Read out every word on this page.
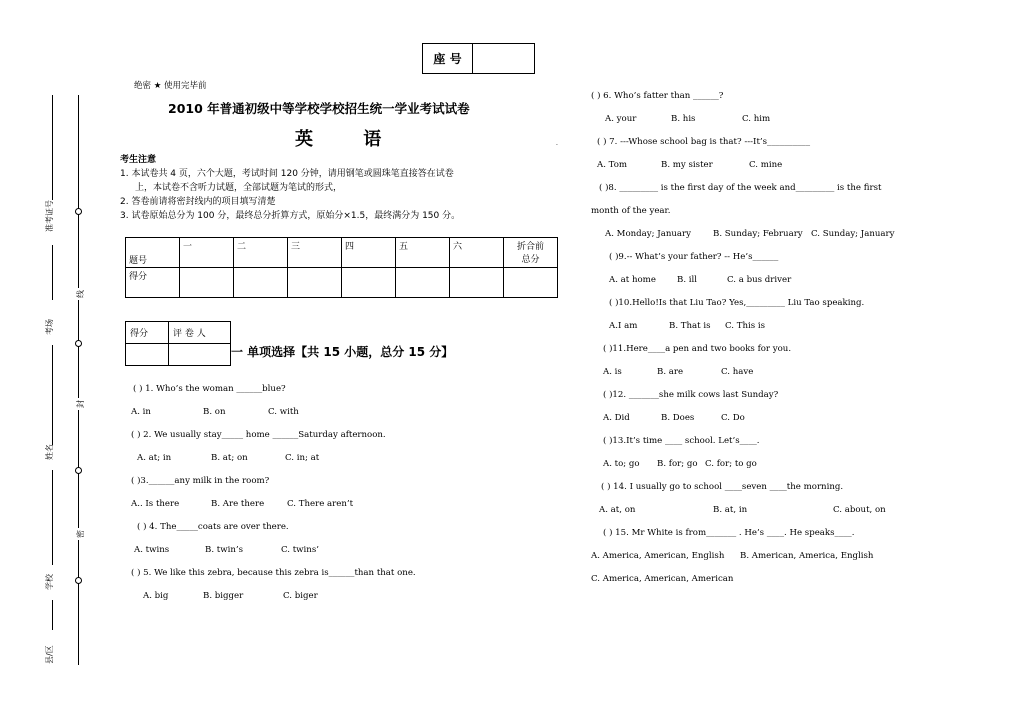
线
封
密
准考证号
考场
姓名
学校
县/区
座 号
绝密 ★ 使用完毕前
2010 年普通初级中等学校学校招生统一学业考试试卷
英 语	.
考生注意
1. 本试卷共 4 页，六个大题，考试时间 120 分钟，请用钢笔或圆珠笔直接答在试卷
上，本试卷不含听力试题，全部试题为笔试的形式，
2. 答卷前请将密封线内的项目填写清楚
3. 试卷原始总分为 100 分，最终总分折算方式，原始分×1.5，最终满分为 150 分。
题号	一	二	三	四	五	六	折合前总分
得分							
得分	评 卷 人

一 单项选择【共 15 小题，总分 15 分】
( ) 1. Who’s the woman ______blue?
A. in	B. on	C. with
( ) 2. We usually stay_____ home ______Saturday afternoon.
A. at; in	B. at; on	C. in; at
( )3.______any milk in the room?
A.. Is there	B. Are there	C. There aren’t
( ) 4. The_____coats are over there.
A. twins	B. twin’s	C. twins’
( ) 5. We like this zebra, because this zebra is______than that one.
A. big	B. bigger	C. biger
( ) 6. Who’s fatter than ______?
A. your	B. his	C. him
( ) 7. ---Whose school bag is that? ---It’s__________
A. Tom	B. my sister	C. mine
( )8. _________ is the first day of the week and_________ is the first
month of the year.
A. Monday; January	B. Sunday; February C. Sunday; January
( )9.-- What’s your father? -- He’s______
A. at home B. ill	C. a bus driver
( )10.Hello!Is that Liu Tao? Yes,_________ Liu Tao speaking.
A.I am	B. That is C. This is
( )11.Here____a pen and two books for you.
A. is	B. are	C. have
( )12. _______she milk cows last Sunday?
A. Did	B. Does	C. Do
( )13.It’s time ____ school. Let’s____.
A. to; go B. for; go C. for; to go
( ) 14. I usually go to school ____seven ____the morning.
A. at, on	B. at, in	C. about, on
( ) 15. Mr White is from_______ . He’s ____. He speaks____.
A. America, American, English B. American, America, English
C. America, American, American
